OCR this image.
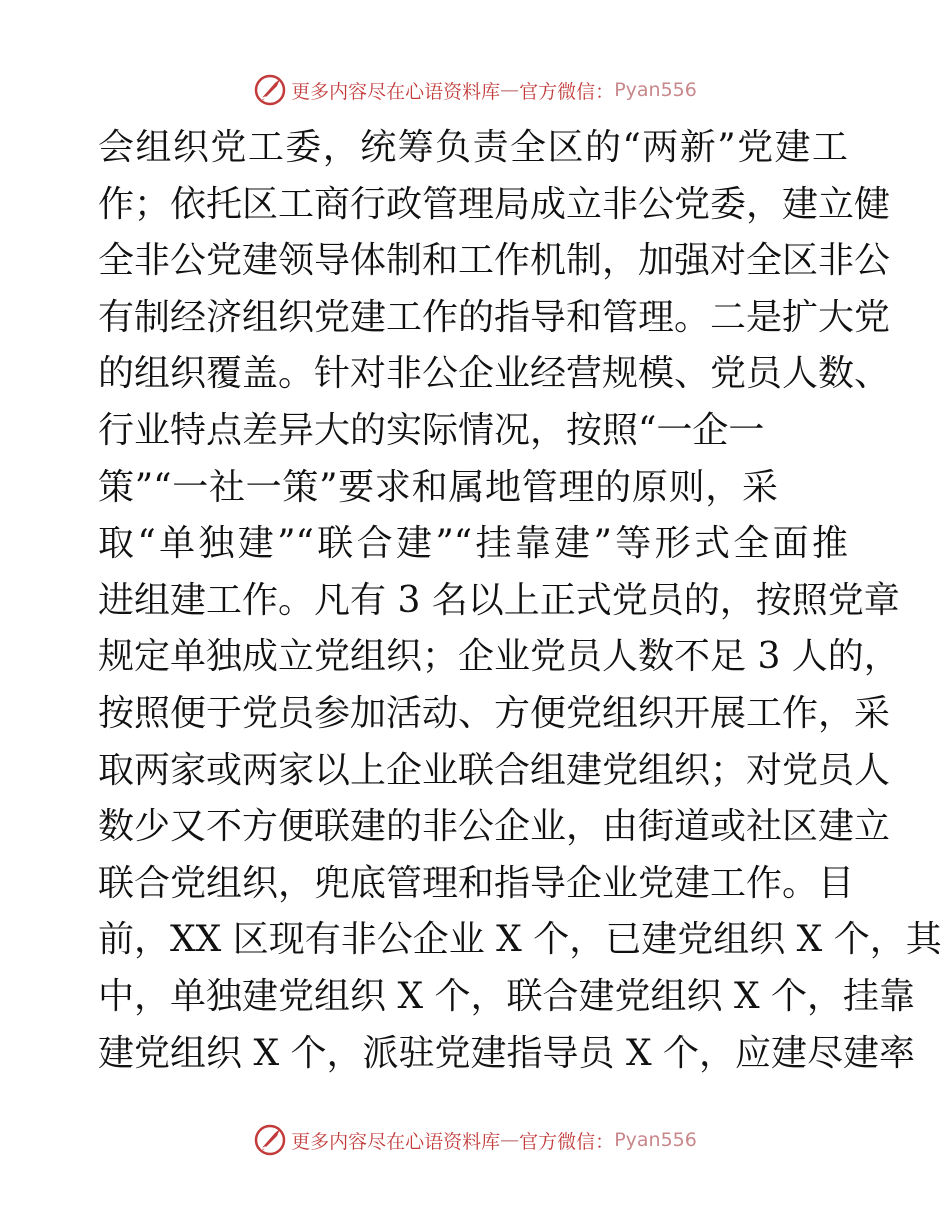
更多内容尽在心语资料库 — 官方微信： Pyan556
会组织党工委，统筹负责全区的“两新”党建工
作；依托区工商行政管理局成立非公党委，建立健
全非公党建领导体制和工作机制，加强对全区非公
有制经济组织党建工作的指导和管理。二是扩大党
的组织覆盖。针对非公企业经营规模、党员人数、
行业特点差异大的实际情况，按照“一企一
策”“一社一策”要求和属地管理的原则，采
取“单独建”“联合建”“挂靠建”等形式全面推
进组建工作。凡有 3 名以上正式党员的，按照党章
规定单独成立党组织；企业党员人数不足 3 人的，
按照便于党员参加活动、方便党组织开展工作，采
取两家或两家以上企业联合组建党组织；对党员人
数少又不方便联建的非公企业，由街道或社区建立
联合党组织，兜底管理和指导企业党建工作。目
前，XX 区现有非公企业 X 个，已建党组织 X 个，其
中，单独建党组织 X 个，联合建党组织 X 个，挂靠
建党组织 X 个，派驻党建指导员 X 个，应建尽建率
更多内容尽在心语资料库 — 官方微信： Pyan556
